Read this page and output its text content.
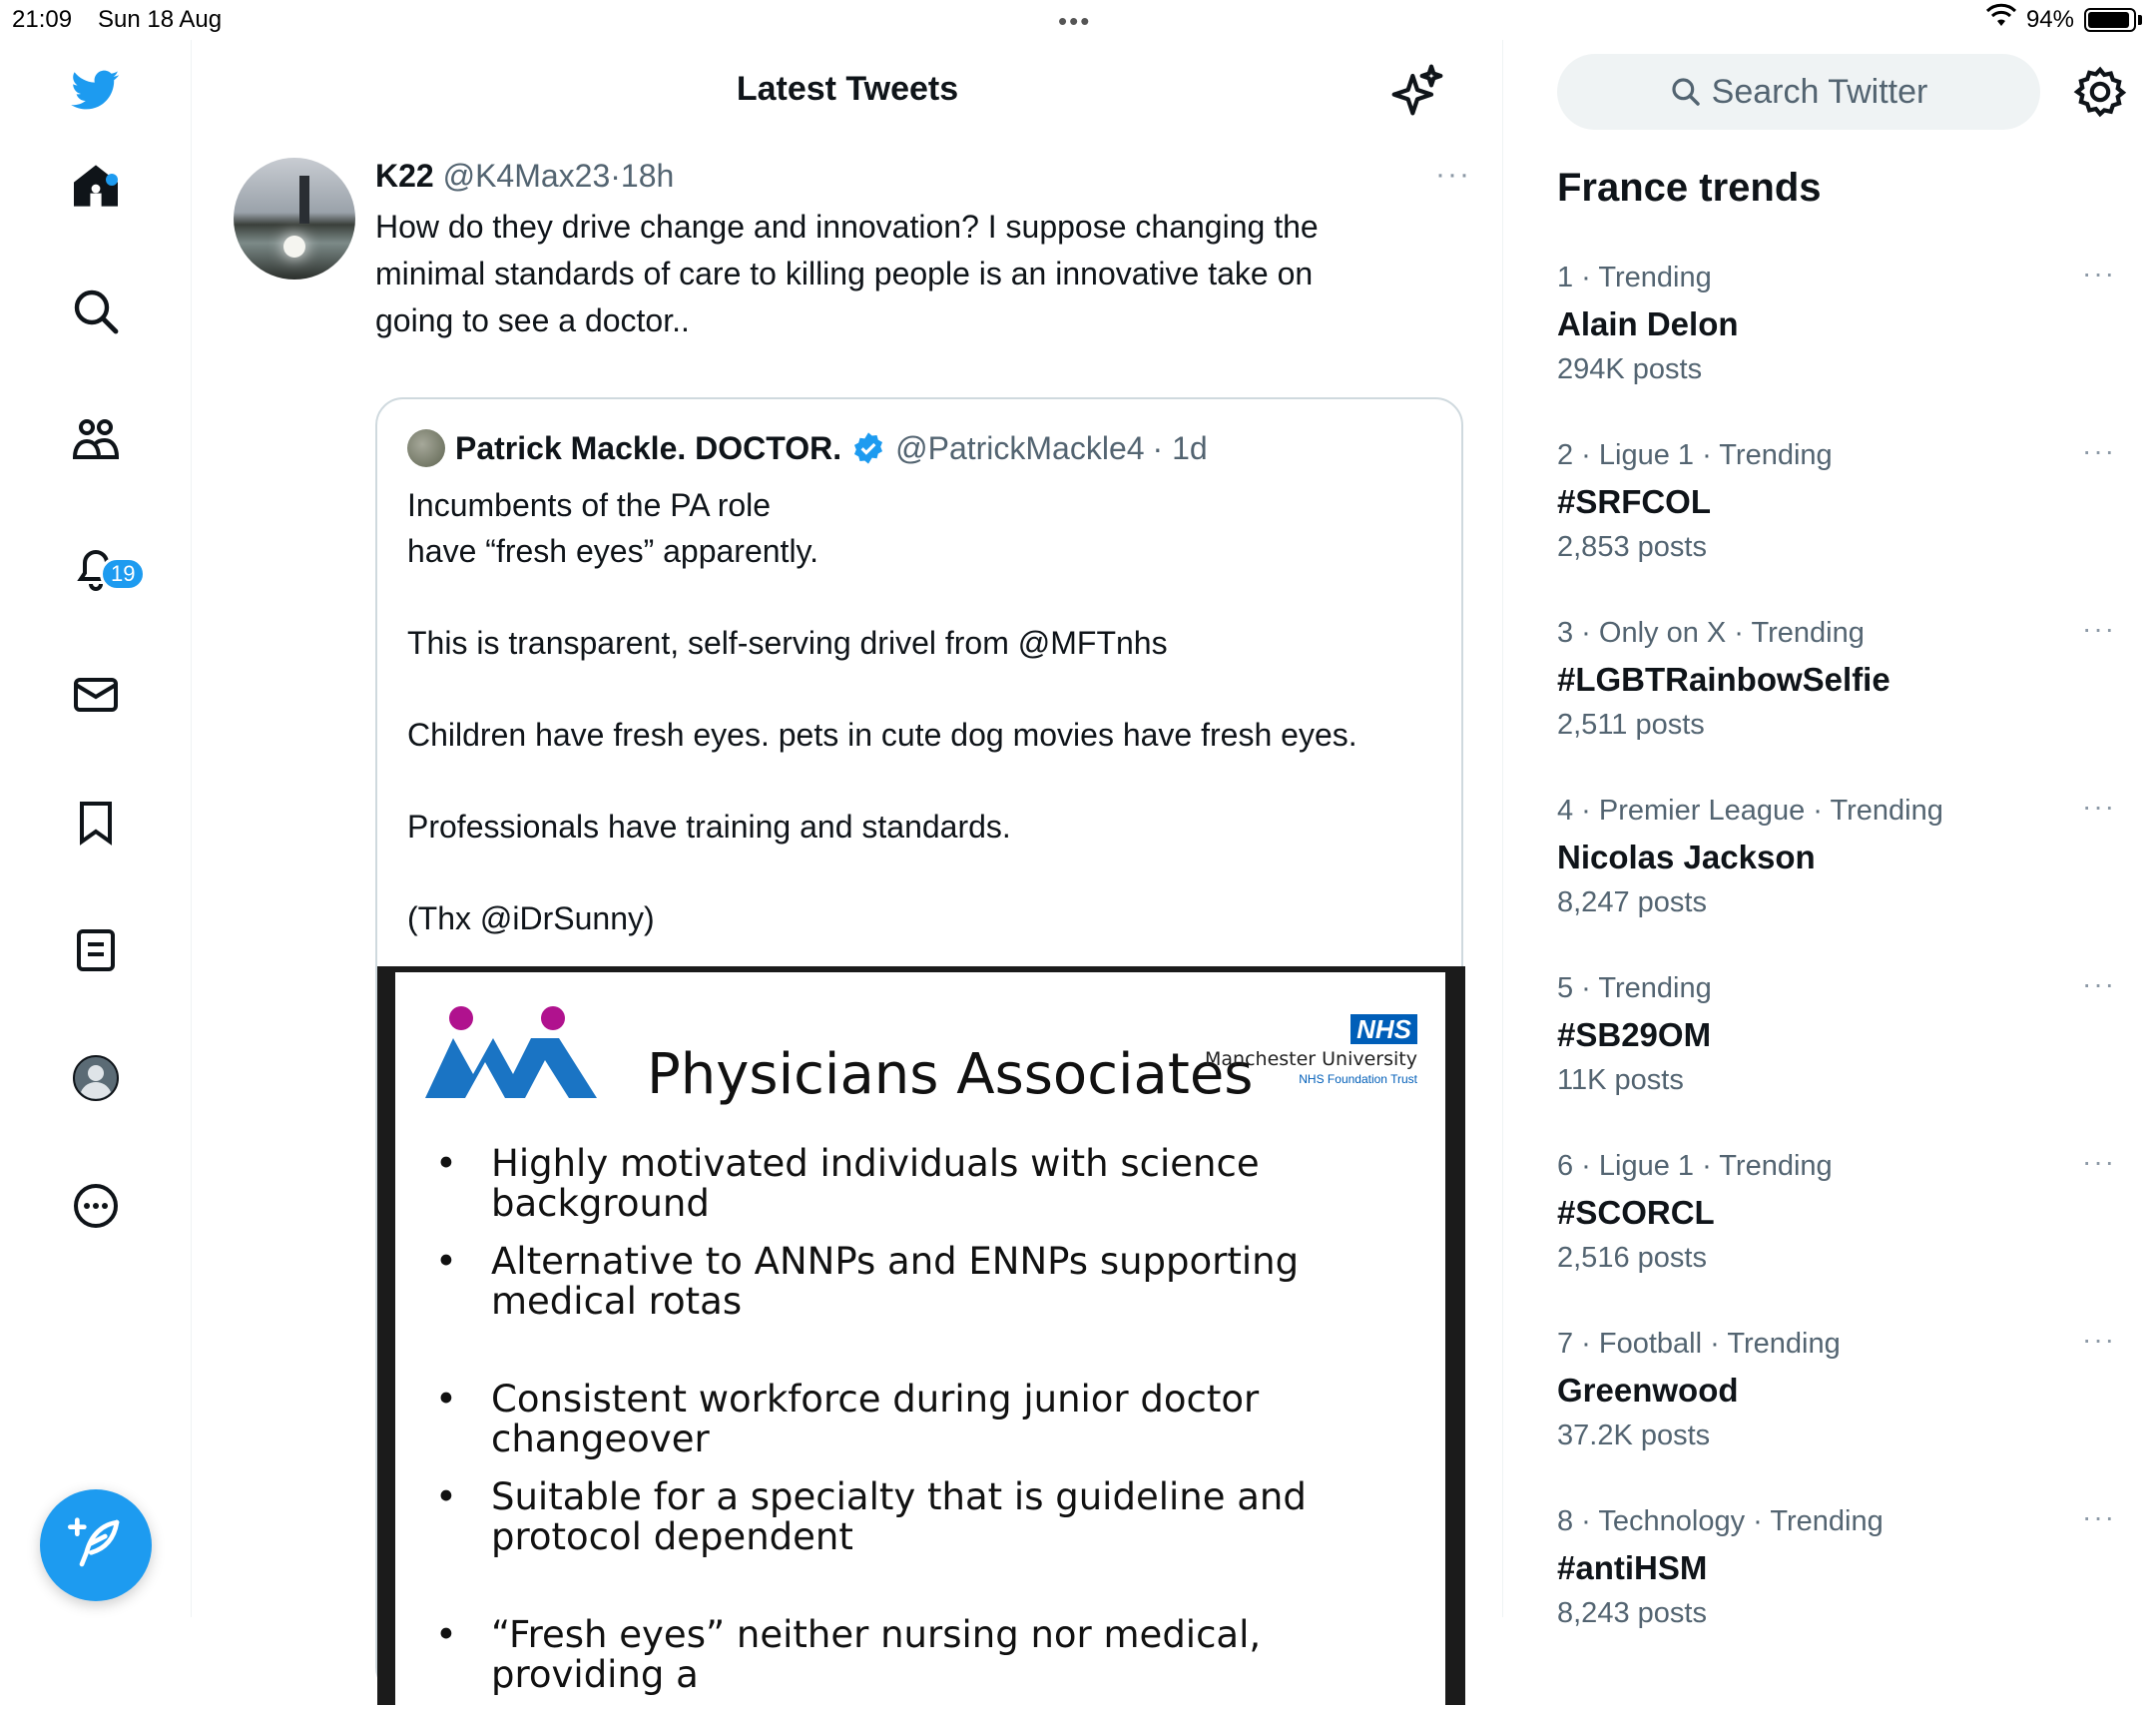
21:09 Sun 18 Aug	•••	94%
19
Latest Tweets
K22 @K4Max23·18h	···
How do they drive change and innovation? I suppose changing the
minimal standards of care to killing people is an innovative take on
going to see a doctor..
Patrick Mackle. DOCTOR. @PatrickMackle4 · 1d
Incumbents of the PA role
have “fresh eyes” apparently.
This is transparent, self-serving drivel from @MFTnhs
Children have fresh eyes. pets in cute dog movies have fresh eyes.
Professionals have training and standards.
(Thx @iDrSunny)
Physicians Associates
NHS
Manchester University
NHS Foundation Trust
• Highly motivated individuals with science background
• Alternative to ANNPs and ENNPs supporting medical rotas
• Consistent workforce during junior doctor changeover
• Suitable for a specialty that is guideline and protocol dependent
• “Fresh eyes” neither nursing nor medical, providing a
Search Twitter
France trends
1 · Trending
Alain Delon
294K posts
···
2 · Ligue 1 · Trending
#SRFCOL
2,853 posts
···
3 · Only on X · Trending
#LGBTRainbowSelfie
2,511 posts
···
4 · Premier League · Trending
Nicolas Jackson
8,247 posts
···
5 · Trending
#SB29OM
11K posts
···
6 · Ligue 1 · Trending
#SCORCL
2,516 posts
···
7 · Football · Trending
Greenwood
37.2K posts
···
8 · Technology · Trending
#antiHSM
8,243 posts
···
